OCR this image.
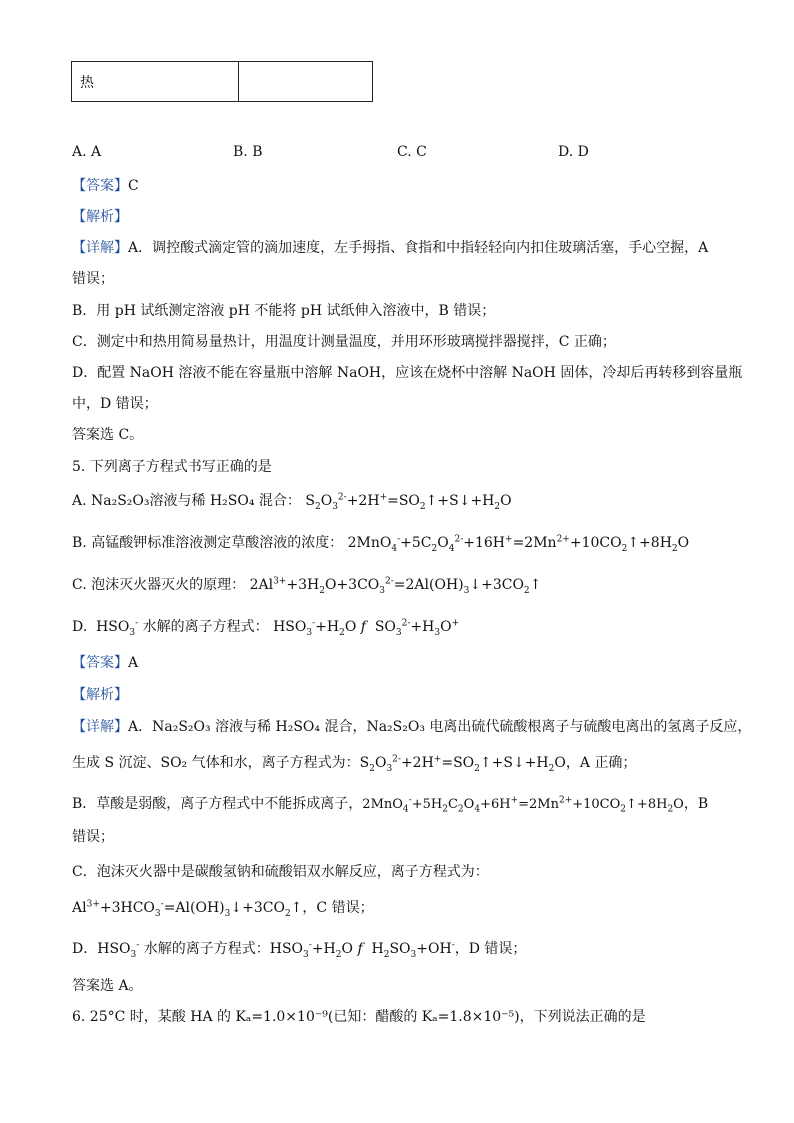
热
A. A	B. B	C. C	D. D
【答案】C
【解析】
【详解】A．调控酸式滴定管的滴加速度，左手拇指、食指和中指轻轻向内扣住玻璃活塞，手心空握，A
错误；
B．用 pH 试纸测定溶液 pH 不能将 pH 试纸伸入溶液中，B 错误；
C．测定中和热用简易量热计，用温度计测量温度，并用环形玻璃搅拌器搅拌，C 正确；
D．配置 NaOH 溶液不能在容量瓶中溶解 NaOH，应该在烧杯中溶解 NaOH 固体，冷却后再转移到容量瓶
中，D 错误；
答案选 C。
5. 下列离子方程式书写正确的是
A. Na₂S₂O₃溶液与稀 H₂SO₄ 混合： $S_2O_3^{2-}+2H^+=SO_2↑+S↓+H_2O$
B. 高锰酸钾标准溶液测定草酸溶液的浓度： $2MnO_4^-+5C_2O_4^{2-}+16H^+=2Mn^{2+}+10CO_2↑+8H_2O$
C. 泡沫灭火器灭火的原理： $2Al^{3+}+3H_2O+3CO_3^{2-}=2Al(OH)_3↓+3CO_2↑$
D.  $HSO_3^-$ 水解的离子方程式： $HSO_3^-+H_2O$ f  $SO_3^{2-}+H_3O^+$
【答案】A
【解析】
【详解】A．Na₂S₂O₃ 溶液与稀 H₂SO₄ 混合，Na₂S₂O₃ 电离出硫代硫酸根离子与硫酸电离出的氢离子反应，
生成 S 沉淀、SO₂ 气体和水，离子方程式为：$S_2O_3^{2-}+2H^+=SO_2↑+S↓+H_2O$，A 正确；
B．草酸是弱酸，离子方程式中不能拆成离子，$2MnO_4^-+5H_2C_2O_4+6H^+=2Mn^{2+}+10CO_2↑+8H_2O$，B
错误；
C．泡沫灭火器中是碳酸氢钠和硫酸铝双水解反应，离子方程式为：
$Al^{3+}+3HCO_3^-=Al(OH)_3↓+3CO_2↑$，C 错误；
D．$HSO_3^-$ 水解的离子方程式：$HSO_3^-+H_2O$ f  $H_2SO_3+OH^-$，D 错误；
答案选 A。
6. 25°C 时，某酸 HA 的 Kₐ=1.0×10⁻⁹(已知：醋酸的 Kₐ=1.8×10⁻⁵)，下列说法正确的是
